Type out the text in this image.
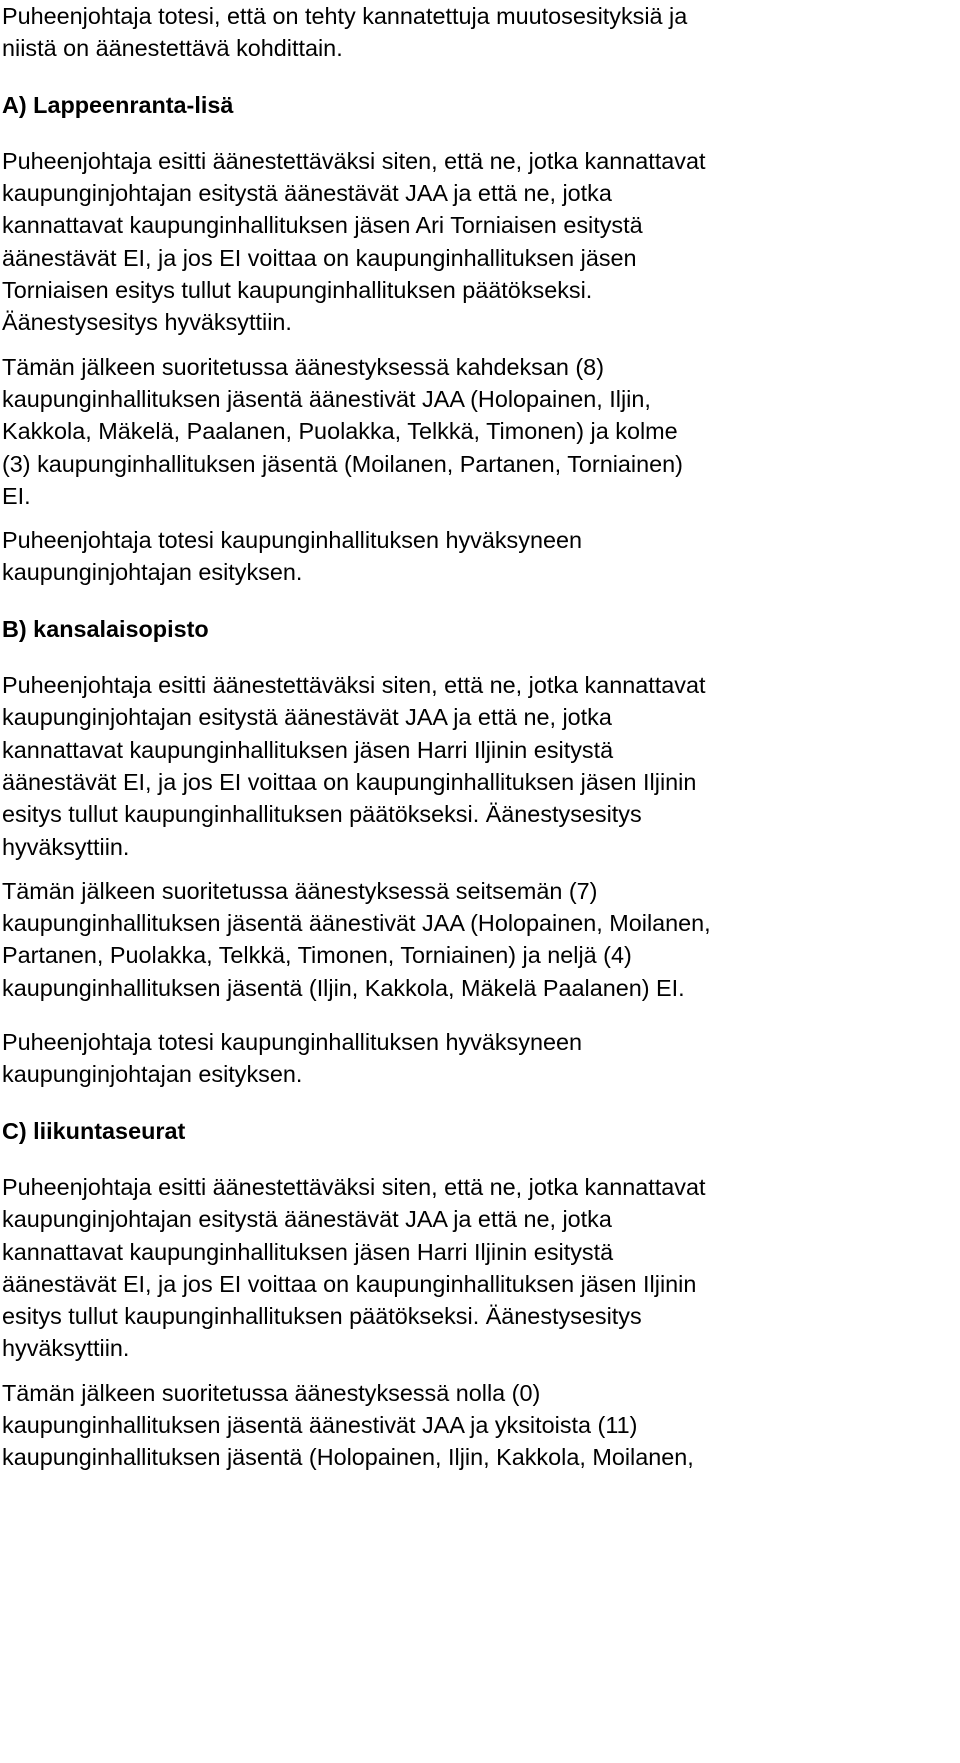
Puheenjohtaja totesi, että on tehty kannatettuja muutosesityksiä ja
niistä on äänestettävä kohdittain.
A) Lappeenranta-lisä
Puheenjohtaja esitti äänestettäväksi siten, että ne, jotka kannattavat
kaupunginjohtajan esitystä äänestävät JAA ja että ne, jotka
kannattavat kaupunginhallituksen jäsen Ari Torniaisen esitystä
äänestävät EI, ja jos EI voittaa on kaupunginhallituksen jäsen
Torniaisen esitys tullut kaupunginhallituksen päätökseksi.
Äänestysesitys hyväksyttiin.
Tämän jälkeen suoritetussa äänestyksessä kahdeksan (8)
kaupunginhallituksen jäsentä äänestivät JAA (Holopainen, Iljin,
Kakkola, Mäkelä, Paalanen, Puolakka, Telkkä, Timonen) ja kolme
(3) kaupunginhallituksen jäsentä (Moilanen, Partanen, Torniainen)
EI.
Puheenjohtaja totesi kaupunginhallituksen hyväksyneen
kaupunginjohtajan esityksen.
B) kansalaisopisto
Puheenjohtaja esitti äänestettäväksi siten, että ne, jotka kannattavat
kaupunginjohtajan esitystä äänestävät JAA ja että ne, jotka
kannattavat kaupunginhallituksen jäsen Harri Iljinin esitystä
äänestävät EI, ja jos EI voittaa on kaupunginhallituksen jäsen Iljinin
esitys tullut kaupunginhallituksen päätökseksi. Äänestysesitys
hyväksyttiin.
Tämän jälkeen suoritetussa äänestyksessä seitsemän (7)
kaupunginhallituksen jäsentä äänestivät JAA (Holopainen, Moilanen,
Partanen, Puolakka, Telkkä, Timonen, Torniainen) ja neljä (4)
kaupunginhallituksen jäsentä (Iljin, Kakkola, Mäkelä Paalanen) EI.
Puheenjohtaja totesi kaupunginhallituksen hyväksyneen
kaupunginjohtajan esityksen.
C) liikuntaseurat
Puheenjohtaja esitti äänestettäväksi siten, että ne, jotka kannattavat
kaupunginjohtajan esitystä äänestävät JAA ja että ne, jotka
kannattavat kaupunginhallituksen jäsen Harri Iljinin esitystä
äänestävät EI, ja jos EI voittaa on kaupunginhallituksen jäsen Iljinin
esitys tullut kaupunginhallituksen päätökseksi. Äänestysesitys
hyväksyttiin.
Tämän jälkeen suoritetussa äänestyksessä nolla (0)
kaupunginhallituksen jäsentä äänestivät JAA ja yksitoista (11)
kaupunginhallituksen jäsentä (Holopainen, Iljin, Kakkola, Moilanen,
